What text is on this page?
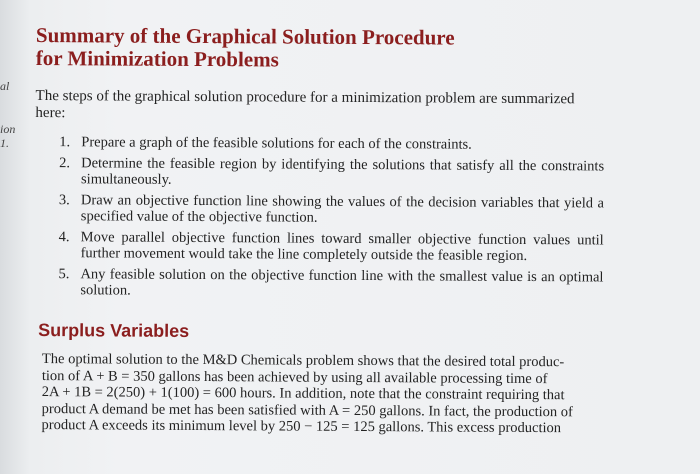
al
ion
1.
Summary of the Graphical Solution Procedure
for Minimization Problems

The steps of the graphical solution procedure for a minimization problem are summarized here:

1. Prepare a graph of the feasible solutions for each of the constraints.
2. Determine the feasible region by identifying the solutions that satisfy all the constraints simultaneously.
3. Draw an objective function line showing the values of the decision variables that yield a specified value of the objective function.
4. Move parallel objective function lines toward smaller objective function values until further movement would take the line completely outside the feasible region.
5. Any feasible solution on the objective function line with the smallest value is an optimal solution.
Surplus Variables

The optimal solution to the M&D Chemicals problem shows that the desired total produc-

tion of A + B = 350 gallons has been achieved by using all available processing time of

2A + 1B = 2(250) + 1(100) = 600 hours. In addition, note that the constraint requiring that

product A demand be met has been satisfied with A = 250 gallons. In fact, the production of

product A exceeds its minimum level by 250 − 125 = 125 gallons. This excess production
